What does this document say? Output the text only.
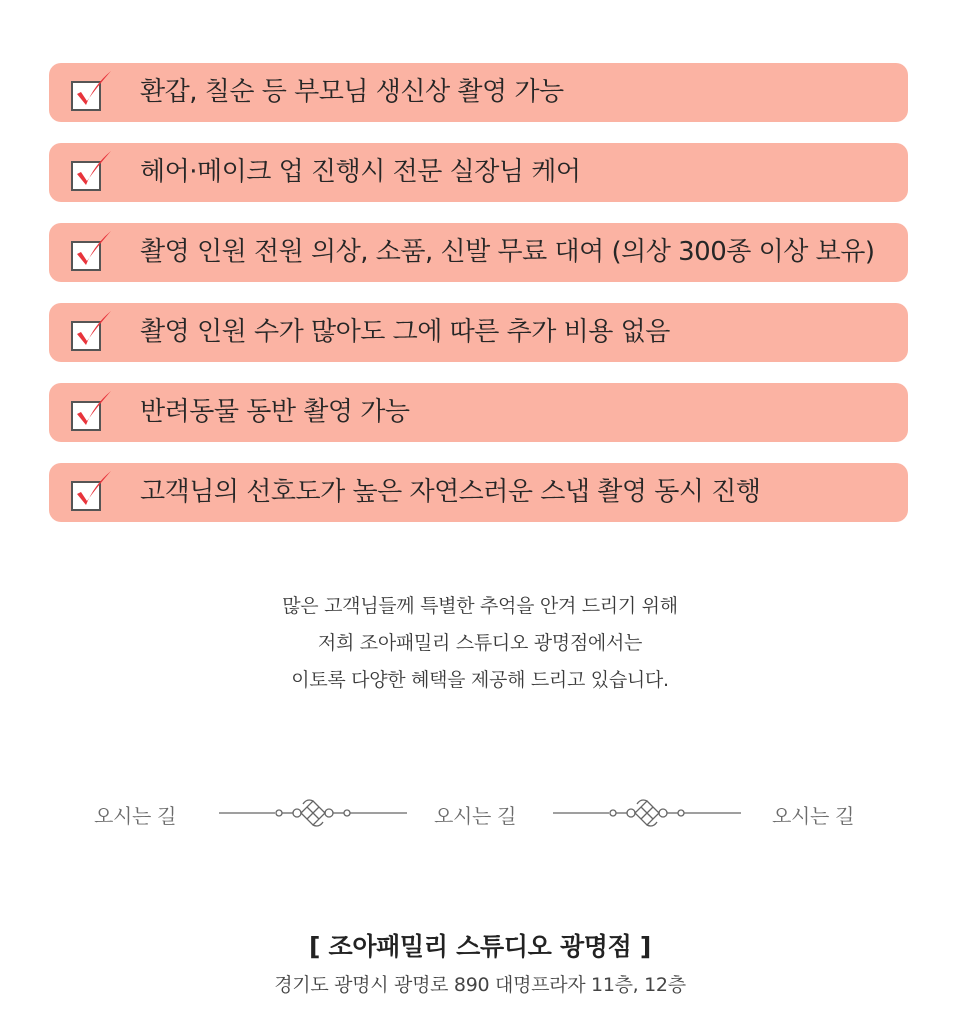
환갑, 칠순 등 부모님 생신상 촬영 가능
헤어·메이크 업 진행시 전문 실장님 케어
촬영 인원 전원 의상, 소품, 신발 무료 대여 (의상 300종 이상 보유)
촬영 인원 수가 많아도 그에 따른 추가 비용 없음
반려동물 동반 촬영 가능
고객님의 선호도가 높은 자연스러운 스냅 촬영 동시 진행
많은 고객님들께 특별한 추억을 안겨 드리기 위해
저희 조아패밀리 스튜디오 광명점에서는
이토록 다양한 혜택을 제공해 드리고 있습니다.
오시는 길	오시는 길	오시는 길
[ 조아패밀리 스튜디오 광명점 ]
경기도 광명시 광명로 890 대명프라자 11층, 12층
